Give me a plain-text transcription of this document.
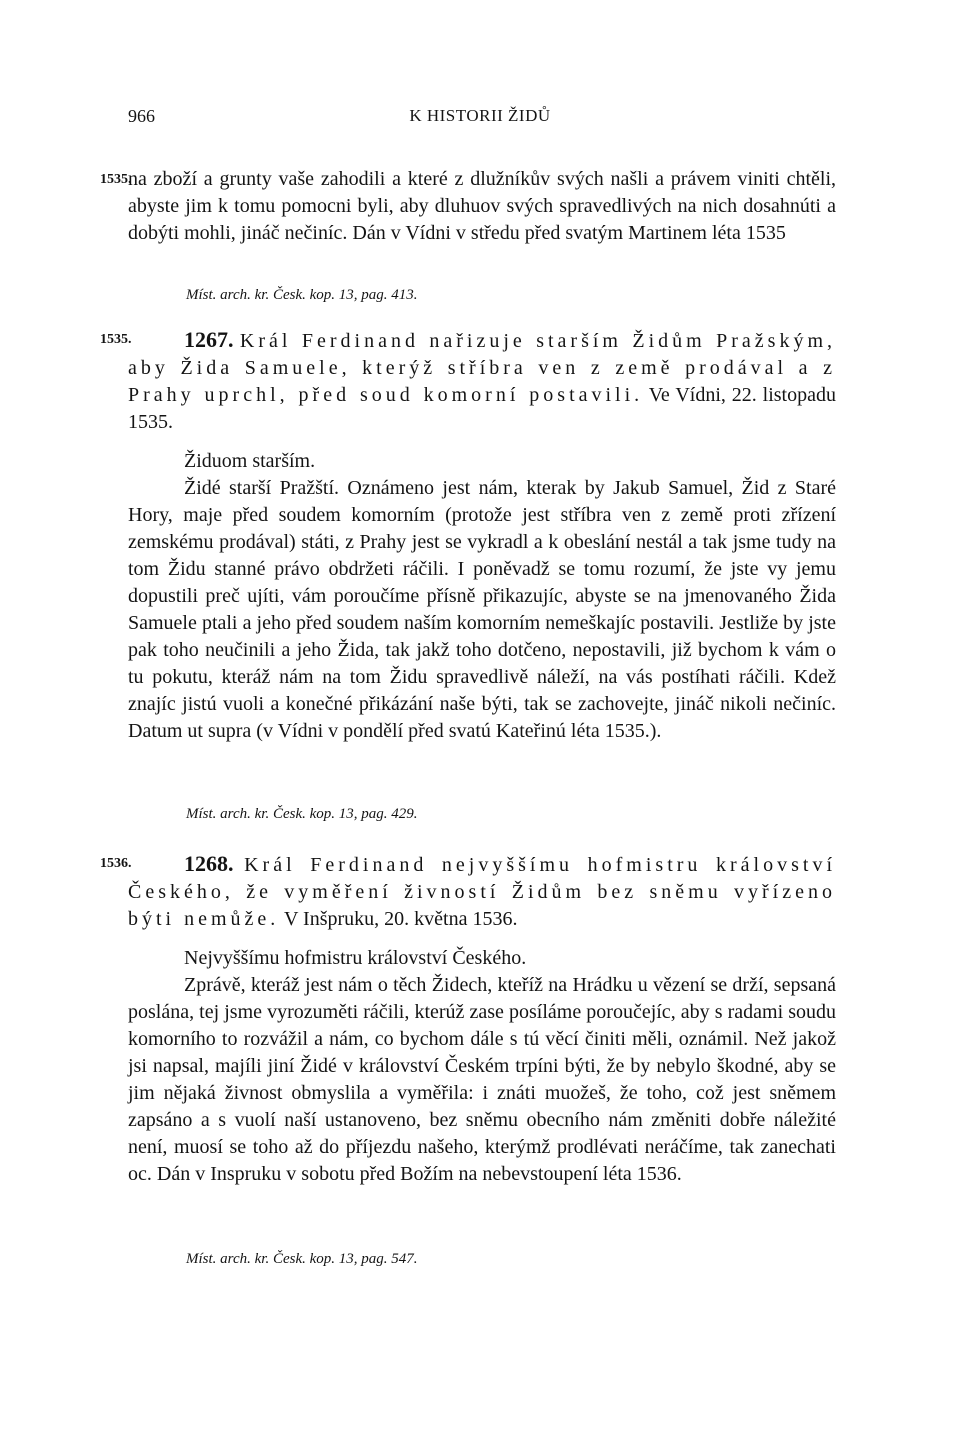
966	K HISTORII ŽIDŮ
1535.

na zboží a grunty vaše zahodili a které z dlužníkův svých našli a právem viniti chtěli, abyste jim k tomu pomocni byli, aby dluhuov svých spravedlivých na nich dosahnúti a dobýti mohli, jináč nečiníc. Dán v Vídni v středu před svatým Martinem léta 1535

Míst. arch. kr. Česk. kop. 13, pag. 413.
1535.	1267. Král Ferdinand nařizuje starším Židům Pražským, aby Žida Samuele, kterýž stříbra ven z země prodával a z Prahy uprchl, před soud komorní postavili. Ve Vídni, 22. listopadu 1535.

Židuom starším.

Židé starší Pražští. Oznámeno jest nám, kterak by Jakub Samuel, Žid z Staré Hory, maje před soudem komorním (protože jest stříbra ven z země proti zřízení zemskému prodával) státi, z Prahy jest se vykradl a k obeslání nestál a tak jsme tudy na tom Židu stanné právo obdržeti ráčili. I poněvadž se tomu rozumí, že jste vy jemu dopustili preč ujíti, vám poroučíme přísně přikazujíc, abyste se na jmenovaného Žida Samuele ptali a jeho před soudem naším komorním nemeškajíc postavili. Jestliže by jste pak toho neučinili a jeho Žida, tak jakž toho dotčeno, nepostavili, již bychom k vám o tu pokutu, kteráž nám na tom Židu spravedlivě náleží, na vás postíhati ráčili. Kdež znajíc jistú vuoli a konečné přikázání naše býti, tak se zachovejte, jináč nikoli nečiníc. Datum ut supra (v Vídni v pondělí před svatú Kateřinú léta 1535.).

Míst. arch. kr. Česk. kop. 13, pag. 429.
1536.	1268. Král Ferdinand nejvyššímu hofmistru království Českého, že vyměření živností Židům bez sněmu vyřízeno býti nemůže. V Inšpruku, 20. května 1536.

Nejvyššímu hofmistru království Českého.

Zprávě, kteráž jest nám o těch Židech, kteříž na Hrádku u vězení se drží, sepsaná poslána, tej jsme vyrozuměti ráčili, kterúž zase posíláme poroučejíc, aby s radami soudu komorního to rozvážil a nám, co bychom dále s tú věcí činiti měli, oznámil. Než jakož jsi napsal, majíli jiní Židé v království Českém trpíni býti, že by nebylo škodné, aby se jim nějaká živnost obmyslila a vyměřila: i znáti muožeš, že toho, což jest sněmem zapsáno a s vuolí naší ustanoveno, bez sněmu obecního nám změniti dobře náležité není, muosí se toho až do příjezdu našeho, kterýmž prodlévati neráčíme, tak zanechati oc. Dán v Inspruku v sobotu před Božím na nebevstoupení léta 1536.

Míst. arch. kr. Česk. kop. 13, pag. 547.
